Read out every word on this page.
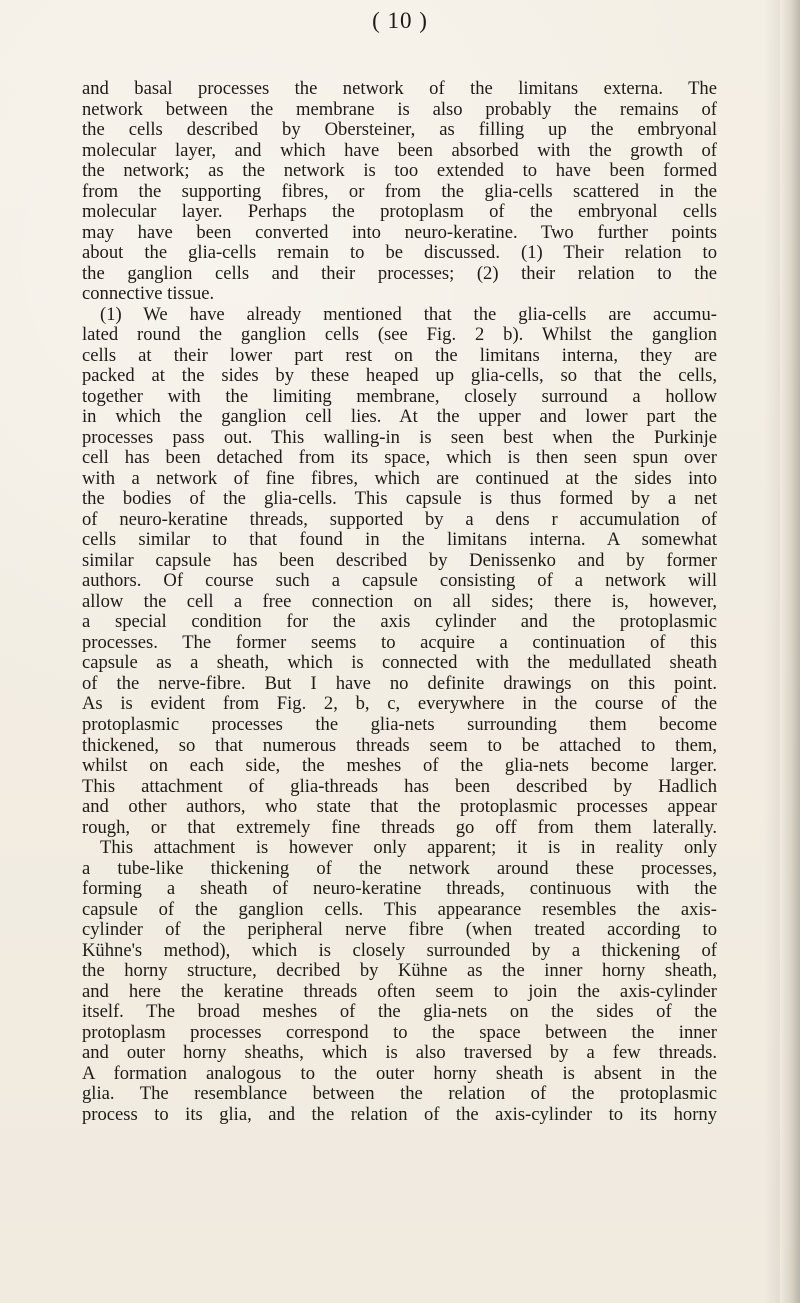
( 10 )
and basal processes the network of the limitans externa. The
network between the membrane is also probably the remains of
the cells described by Obersteiner, as filling up the embryonal
molecular layer, and which have been absorbed with the growth of
the network; as the network is too extended to have been formed
from the supporting fibres, or from the glia-cells scattered in the
molecular layer. Perhaps the protoplasm of the embryonal cells
may have been converted into neuro-keratine. Two further points
about the glia-cells remain to be discussed. (1) Their relation to
the ganglion cells and their processes; (2) their relation to the
connective tissue.
(1) We have already mentioned that the glia-cells are accumu-
lated round the ganglion cells (see Fig. 2 b). Whilst the ganglion
cells at their lower part rest on the limitans interna, they are
packed at the sides by these heaped up glia-cells, so that the cells,
together with the limiting membrane, closely surround a hollow
in which the ganglion cell lies. At the upper and lower part the
processes pass out. This walling-in is seen best when the Purkinje
cell has been detached from its space, which is then seen spun over
with a network of fine fibres, which are continued at the sides into
the bodies of the glia-cells. This capsule is thus formed by a net
of neuro-keratine threads, supported by a dens r accumulation of
cells similar to that found in the limitans interna. A somewhat
similar capsule has been described by Denissenko and by former
authors. Of course such a capsule consisting of a network will
allow the cell a free connection on all sides; there is, however,
a special condition for the axis cylinder and the protoplasmic
processes. The former seems to acquire a continuation of this
capsule as a sheath, which is connected with the medullated sheath
of the nerve-fibre. But I have no definite drawings on this point.
As is evident from Fig. 2, b, c, everywhere in the course of the
protoplasmic processes the glia-nets surrounding them become
thickened, so that numerous threads seem to be attached to them,
whilst on each side, the meshes of the glia-nets become larger.
This attachment of glia-threads has been described by Hadlich
and other authors, who state that the protoplasmic processes appear
rough, or that extremely fine threads go off from them laterally.
This attachment is however only apparent; it is in reality only
a tube-like thickening of the network around these processes,
forming a sheath of neuro-keratine threads, continuous with the
capsule of the ganglion cells. This appearance resembles the axis-
cylinder of the peripheral nerve fibre (when treated according to
Kühne's method), which is closely surrounded by a thickening of
the horny structure, decribed by Kühne as the inner horny sheath,
and here the keratine threads often seem to join the axis-cylinder
itself. The broad meshes of the glia-nets on the sides of the
protoplasm processes correspond to the space between the inner
and outer horny sheaths, which is also traversed by a few threads.
A formation analogous to the outer horny sheath is absent in the
glia. The resemblance between the relation of the protoplasmic
process to its glia, and the relation of the axis-cylinder to its horny
